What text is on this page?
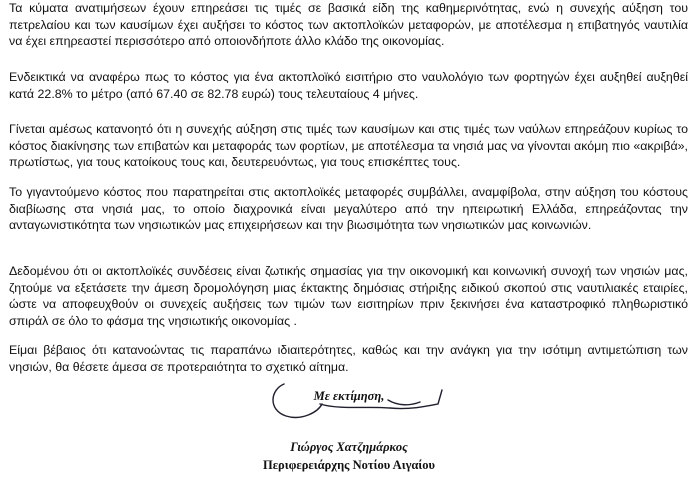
Τα κύματα ανατιμήσεων έχουν επηρεάσει τις τιμές σε βασικά είδη της καθημερινότητας, ενώ η συνεχής αύξηση του πετρελαίου και των καυσίμων έχει αυξήσει το κόστος των ακτοπλοϊκών μεταφορών, με αποτέλεσμα η επιβατηγός ναυτιλία να έχει επηρεαστεί περισσότερο από οποιονδήποτε άλλο κλάδο της οικονομίας.

Ενδεικτικά να αναφέρω πως το κόστος για ένα ακτοπλοϊκό εισιτήριο στο ναυλολόγιο των φορτηγών έχει αυξηθεί αυξηθεί κατά 22.8% το μέτρο (από 67.40 σε 82.78 ευρώ) τους τελευταίους 4 μήνες.

Γίνεται αμέσως κατανοητό ότι η συνεχής αύξηση στις τιμές των καυσίμων και στις τιμές των ναύλων επηρεάζουν κυρίως το κόστος διακίνησης των επιβατών και μεταφοράς των φορτίων, με αποτέλεσμα τα νησιά μας να γίνονται ακόμη πιο «ακριβά», πρωτίστως, για τους κατοίκους τους και, δευτερευόντως, για τους επισκέπτες τους.

Το γιγαντούμενο κόστος που παρατηρείται στις ακτοπλοϊκές μεταφορές συμβάλλει, αναμφίβολα, στην αύξηση του κόστους διαβίωσης στα νησιά μας, το οποίο διαχρονικά είναι μεγαλύτερο από την ηπειρωτική Ελλάδα, επηρεάζοντας την ανταγωνιστικότητα των νησιωτικών μας επιχειρήσεων και την βιωσιμότητα των νησιωτικών μας κοινωνιών.

Δεδομένου ότι οι ακτοπλοϊκές συνδέσεις είναι ζωτικής σημασίας για την οικονομική και κοινωνική συνοχή των νησιών μας, ζητούμε να εξετάσετε την άμεση δρομολόγηση μιας έκτακτης δημόσιας στήριξης ειδικού σκοπού στις ναυτιλιακές εταιρίες, ώστε να αποφευχθούν οι συνεχείς αυξήσεις των τιμών των εισιτηρίων πριν ξεκινήσει ένα καταστροφικό πληθωριστικό σπιράλ σε όλο το φάσμα της νησιωτικής οικονομίας .

Είμαι βέβαιος ότι κατανοώντας τις παραπάνω ιδιαιτερότητες, καθώς και την ανάγκη για την ισότιμη αντιμετώπιση των νησιών, θα θέσετε άμεσα σε προτεραιότητα το σχετικό αίτημα.

Με εκτίμηση,
Γιώργος Χατζημάρκος
Περιφερειάρχης Νοτίου Αιγαίου
